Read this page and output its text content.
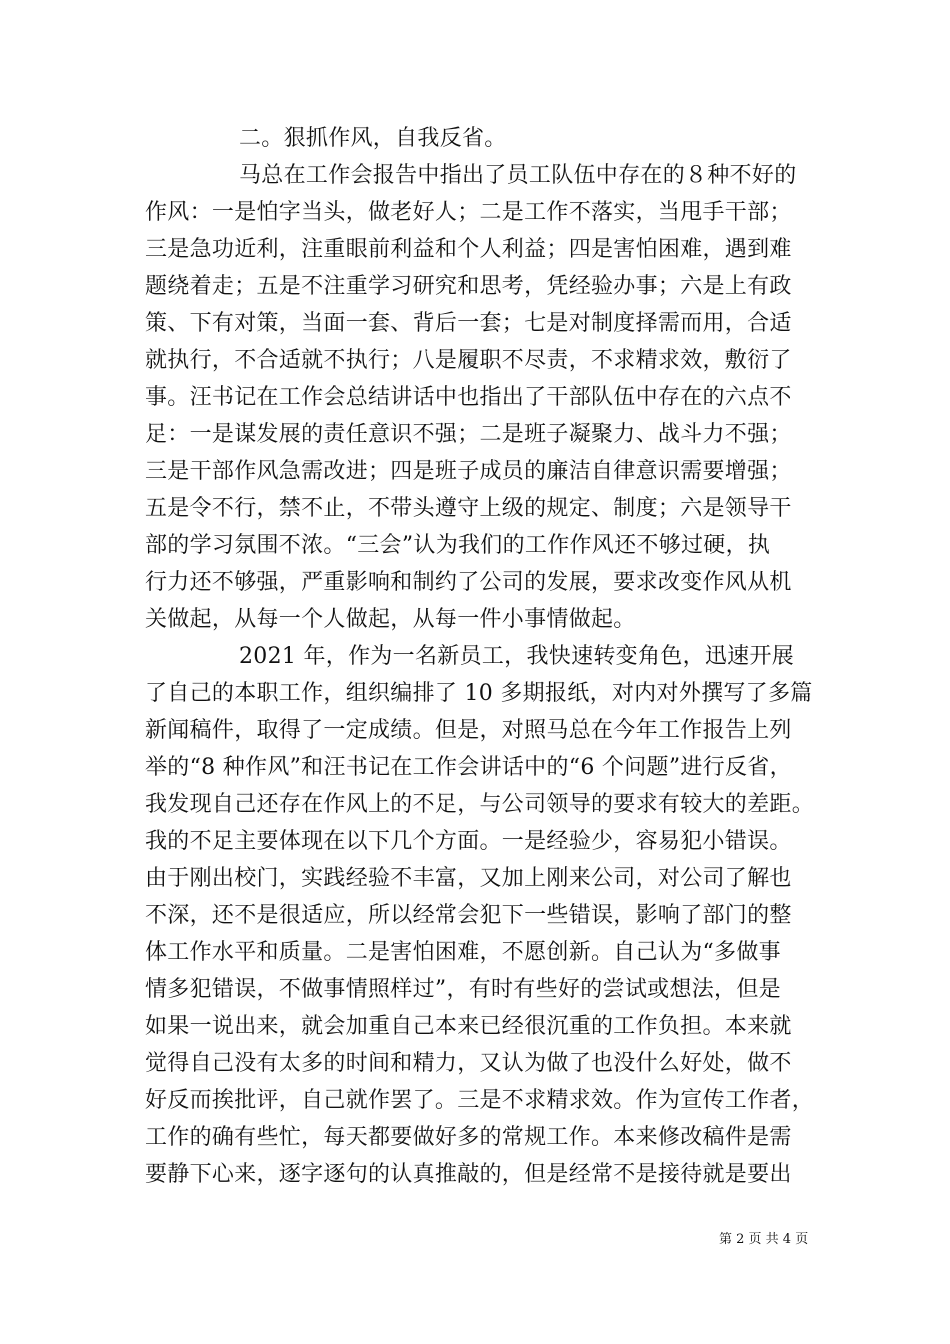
二。狠抓作风，自我反省。
马总在工作会报告中指出了员工队伍中存在的８种不好的
作风：一是怕字当头，做老好人；二是工作不落实，当甩手干部；
三是急功近利，注重眼前利益和个人利益；四是害怕困难，遇到难
题绕着走；五是不注重学习研究和思考，凭经验办事；六是上有政
策、下有对策，当面一套、背后一套；七是对制度择需而用，合适
就执行，不合适就不执行；八是履职不尽责，不求精求效，敷衍了
事。汪书记在工作会总结讲话中也指出了干部队伍中存在的六点不
足：一是谋发展的责任意识不强；二是班子凝聚力、战斗力不强；
三是干部作风急需改进；四是班子成员的廉洁自律意识需要增强；
五是令不行，禁不止，不带头遵守上级的规定、制度；六是领导干
部的学习氛围不浓。“三会”认为我们的工作作风还不够过硬，执
行力还不够强，严重影响和制约了公司的发展，要求改变作风从机
关做起，从每一个人做起，从每一件小事情做起。
2021 年，作为一名新员工，我快速转变角色，迅速开展
了自己的本职工作，组织编排了 10 多期报纸，对内对外撰写了多篇
新闻稿件，取得了一定成绩。但是，对照马总在今年工作报告上列
举的“8 种作风”和汪书记在工作会讲话中的“6 个问题”进行反省，
我发现自己还存在作风上的不足，与公司领导的要求有较大的差距。
我的不足主要体现在以下几个方面。一是经验少，容易犯小错误。
由于刚出校门，实践经验不丰富，又加上刚来公司，对公司了解也
不深，还不是很适应，所以经常会犯下一些错误，影响了部门的整
体工作水平和质量。二是害怕困难，不愿创新。自己认为“多做事
情多犯错误，不做事情照样过”，有时有些好的尝试或想法，但是
如果一说出来，就会加重自己本来已经很沉重的工作负担。本来就
觉得自己没有太多的时间和精力，又认为做了也没什么好处，做不
好反而挨批评，自己就作罢了。三是不求精求效。作为宣传工作者，
工作的确有些忙，每天都要做好多的常规工作。本来修改稿件是需
要静下心来，逐字逐句的认真推敲的，但是经常不是接待就是要出
第 2 页 共 4 页
